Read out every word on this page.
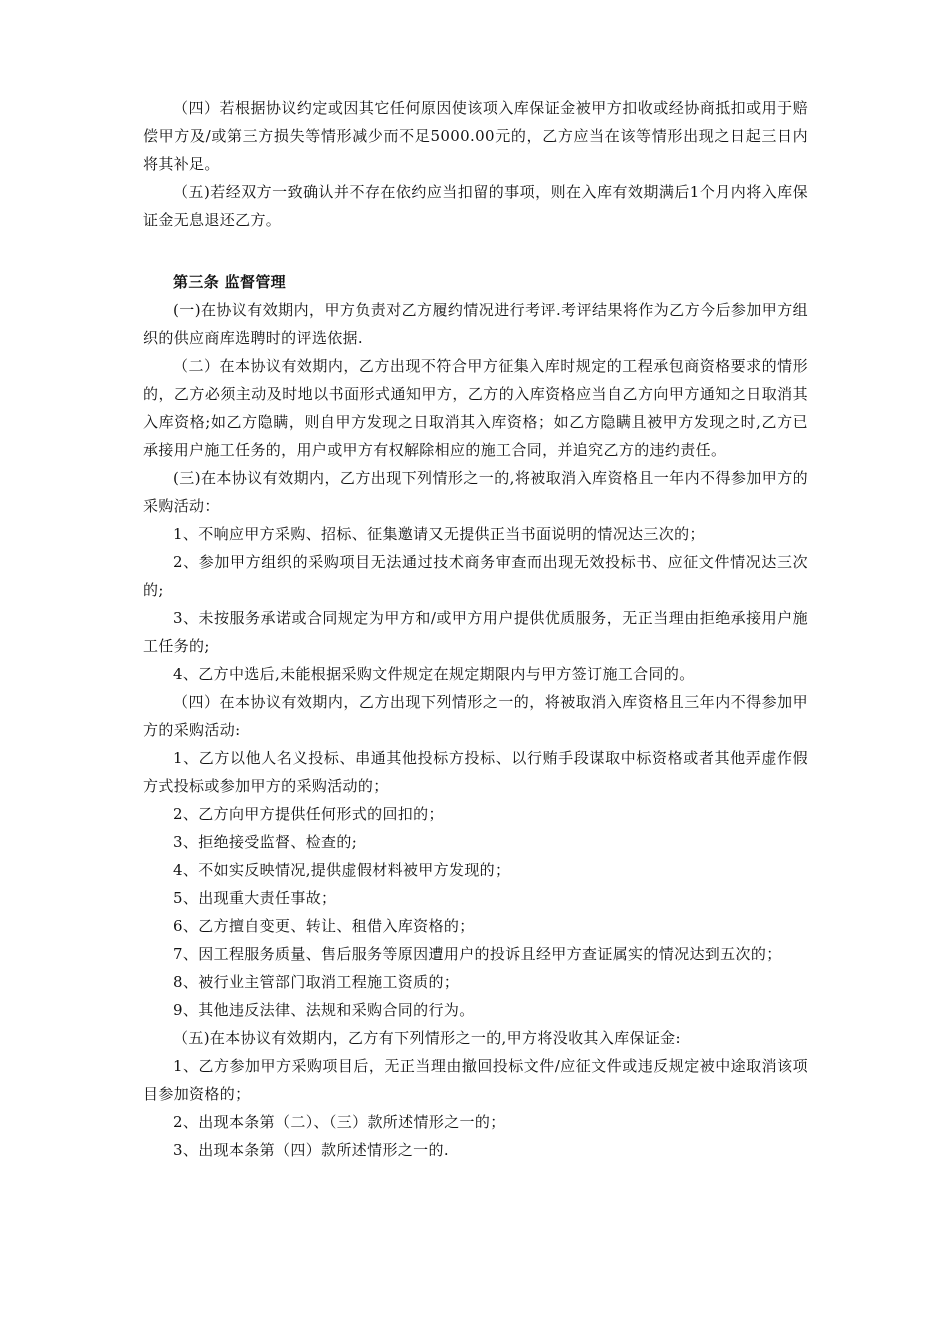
（四）若根据协议约定或因其它任何原因使该项入库保证金被甲方扣收或经协商抵扣或用于赔偿甲方及/或第三方损失等情形减少而不足5000.00元的，乙方应当在该等情形出现之日起三日内将其补足。

（五)若经双方一致确认并不存在依约应当扣留的事项，则在入库有效期满后1个月内将入库保证金无息退还乙方。

第三条 监督管理

(一)在协议有效期内，甲方负责对乙方履约情况进行考评.考评结果将作为乙方今后参加甲方组织的供应商库选聘时的评选依据.

（二）在本协议有效期内，乙方出现不符合甲方征集入库时规定的工程承包商资格要求的情形的，乙方必须主动及时地以书面形式通知甲方，乙方的入库资格应当自乙方向甲方通知之日取消其入库资格;如乙方隐瞒，则自甲方发现之日取消其入库资格；如乙方隐瞒且被甲方发现之时,乙方已承接用户施工任务的，用户或甲方有权解除相应的施工合同，并追究乙方的违约责任。

(三)在本协议有效期内，乙方出现下列情形之一的,将被取消入库资格且一年内不得参加甲方的采购活动：

1、不响应甲方采购、招标、征集邀请又无提供正当书面说明的情况达三次的；

2、参加甲方组织的采购项目无法通过技术商务审查而出现无效投标书、应征文件情况达三次的;

3、未按服务承诺或合同规定为甲方和/或甲方用户提供优质服务，无正当理由拒绝承接用户施工任务的;

4、乙方中选后,未能根据采购文件规定在规定期限内与甲方签订施工合同的。

（四）在本协议有效期内，乙方出现下列情形之一的，将被取消入库资格且三年内不得参加甲方的采购活动:

1、乙方以他人名义投标、串通其他投标方投标、以行贿手段谋取中标资格或者其他弄虚作假方式投标或参加甲方的采购活动的；

2、乙方向甲方提供任何形式的回扣的；

3、拒绝接受监督、检查的;

4、不如实反映情况,提供虚假材料被甲方发现的；

5、出现重大责任事故；

6、乙方擅自变更、转让、租借入库资格的；

7、因工程服务质量、售后服务等原因遭用户的投诉且经甲方查证属实的情况达到五次的；

8、被行业主管部门取消工程施工资质的；

9、其他违反法律、法规和采购合同的行为。

（五)在本协议有效期内，乙方有下列情形之一的,甲方将没收其入库保证金:

1、乙方参加甲方采购项目后，无正当理由撤回投标文件/应征文件或违反规定被中途取消该项目参加资格的；

2、出现本条第（二）、（三）款所述情形之一的；

3、出现本条第（四）款所述情形之一的.
